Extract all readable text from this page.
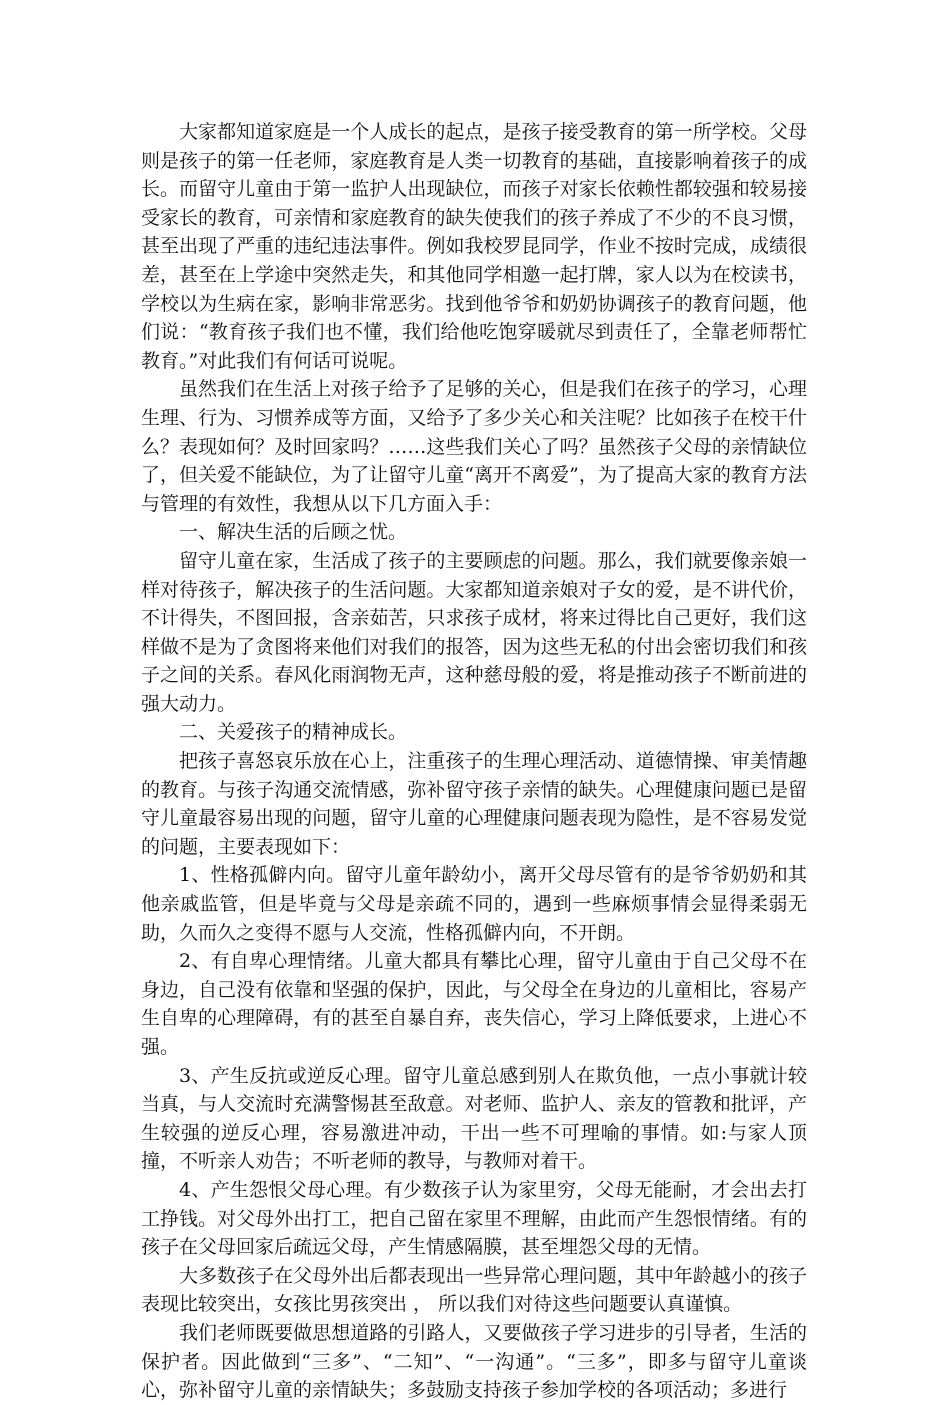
大家都知道家庭是一个人成长的起点，是孩子接受教育的第一所学校。父母则是孩子的第一任老师，家庭教育是人类一切教育的基础，直接影响着孩子的成长。而留守儿童由于第一监护人出现缺位，而孩子对家长依赖性都较强和较易接受家长的教育，可亲情和家庭教育的缺失使我们的孩子养成了不少的不良习惯，甚至出现了严重的违纪违法事件。例如我校罗昆同学，作业不按时完成，成绩很差，甚至在上学途中突然走失，和其他同学相邀一起打牌，家人以为在校读书，学校以为生病在家，影响非常恶劣。找到他爷爷和奶奶协调孩子的教育问题，他们说：“教育孩子我们也不懂，我们给他吃饱穿暖就尽到责任了，全靠老师帮忙教育。”对此我们有何话可说呢。

虽然我们在生活上对孩子给予了足够的关心，但是我们在孩子的学习，心理生理、行为、习惯养成等方面，又给予了多少关心和关注呢？比如孩子在校干什么？表现如何？及时回家吗？……这些我们关心了吗？虽然孩子父母的亲情缺位了，但关爱不能缺位，为了让留守儿童“离开不离爱”，为了提高大家的教育方法与管理的有效性，我想从以下几方面入手：

一、解决生活的后顾之忧。

留守儿童在家，生活成了孩子的主要顾虑的问题。那么，我们就要像亲娘一样对待孩子，解决孩子的生活问题。大家都知道亲娘对子女的爱，是不讲代价，不计得失，不图回报，含亲茹苦，只求孩子成材，将来过得比自己更好，我们这样做不是为了贪图将来他们对我们的报答，因为这些无私的付出会密切我们和孩子之间的关系。春风化雨润物无声，这种慈母般的爱，将是推动孩子不断前进的强大动力。

二、关爱孩子的精神成长。

把孩子喜怒哀乐放在心上，注重孩子的生理心理活动、道德情操、审美情趣的教育。与孩子沟通交流情感，弥补留守孩子亲情的缺失。心理健康问题已是留守儿童最容易出现的问题，留守儿童的心理健康问题表现为隐性，是不容易发觉的问题，主要表现如下：

1、性格孤僻内向。留守儿童年龄幼小，离开父母尽管有的是爷爷奶奶和其他亲戚监管，但是毕竟与父母是亲疏不同的，遇到一些麻烦事情会显得柔弱无助，久而久之变得不愿与人交流，性格孤僻内向，不开朗。

2、有自卑心理情绪。儿童大都具有攀比心理，留守儿童由于自己父母不在身边，自己没有依靠和坚强的保护，因此，与父母全在身边的儿童相比，容易产生自卑的心理障碍，有的甚至自暴自弃，丧失信心，学习上降低要求，上进心不强。

3、产生反抗或逆反心理。留守儿童总感到别人在欺负他，一点小事就计较当真，与人交流时充满警惕甚至敌意。对老师、监护人、亲友的管教和批评，产生较强的逆反心理，容易激进冲动，干出一些不可理喻的事情。如:与家人顶撞，不听亲人劝告；不听老师的教导，与教师对着干。

4、产生怨恨父母心理。有少数孩子认为家里穷，父母无能耐，才会出去打工挣钱。对父母外出打工，把自己留在家里不理解，由此而产生怨恨情绪。有的孩子在父母回家后疏远父母，产生情感隔膜，甚至埋怨父母的无情。

大多数孩子在父母外出后都表现出一些异常心理问题，其中年龄越小的孩子表现比较突出，女孩比男孩突出 ， 所以我们对待这些问题要认真谨慎。

我们老师既要做思想道路的引路人，又要做孩子学习进步的引导者，生活的保护者。因此做到“三多”、“二知”、“一沟通”。“三多”，即多与留守儿童谈心，弥补留守儿童的亲情缺失；多鼓励支持孩子参加学校的各项活动；多进行
